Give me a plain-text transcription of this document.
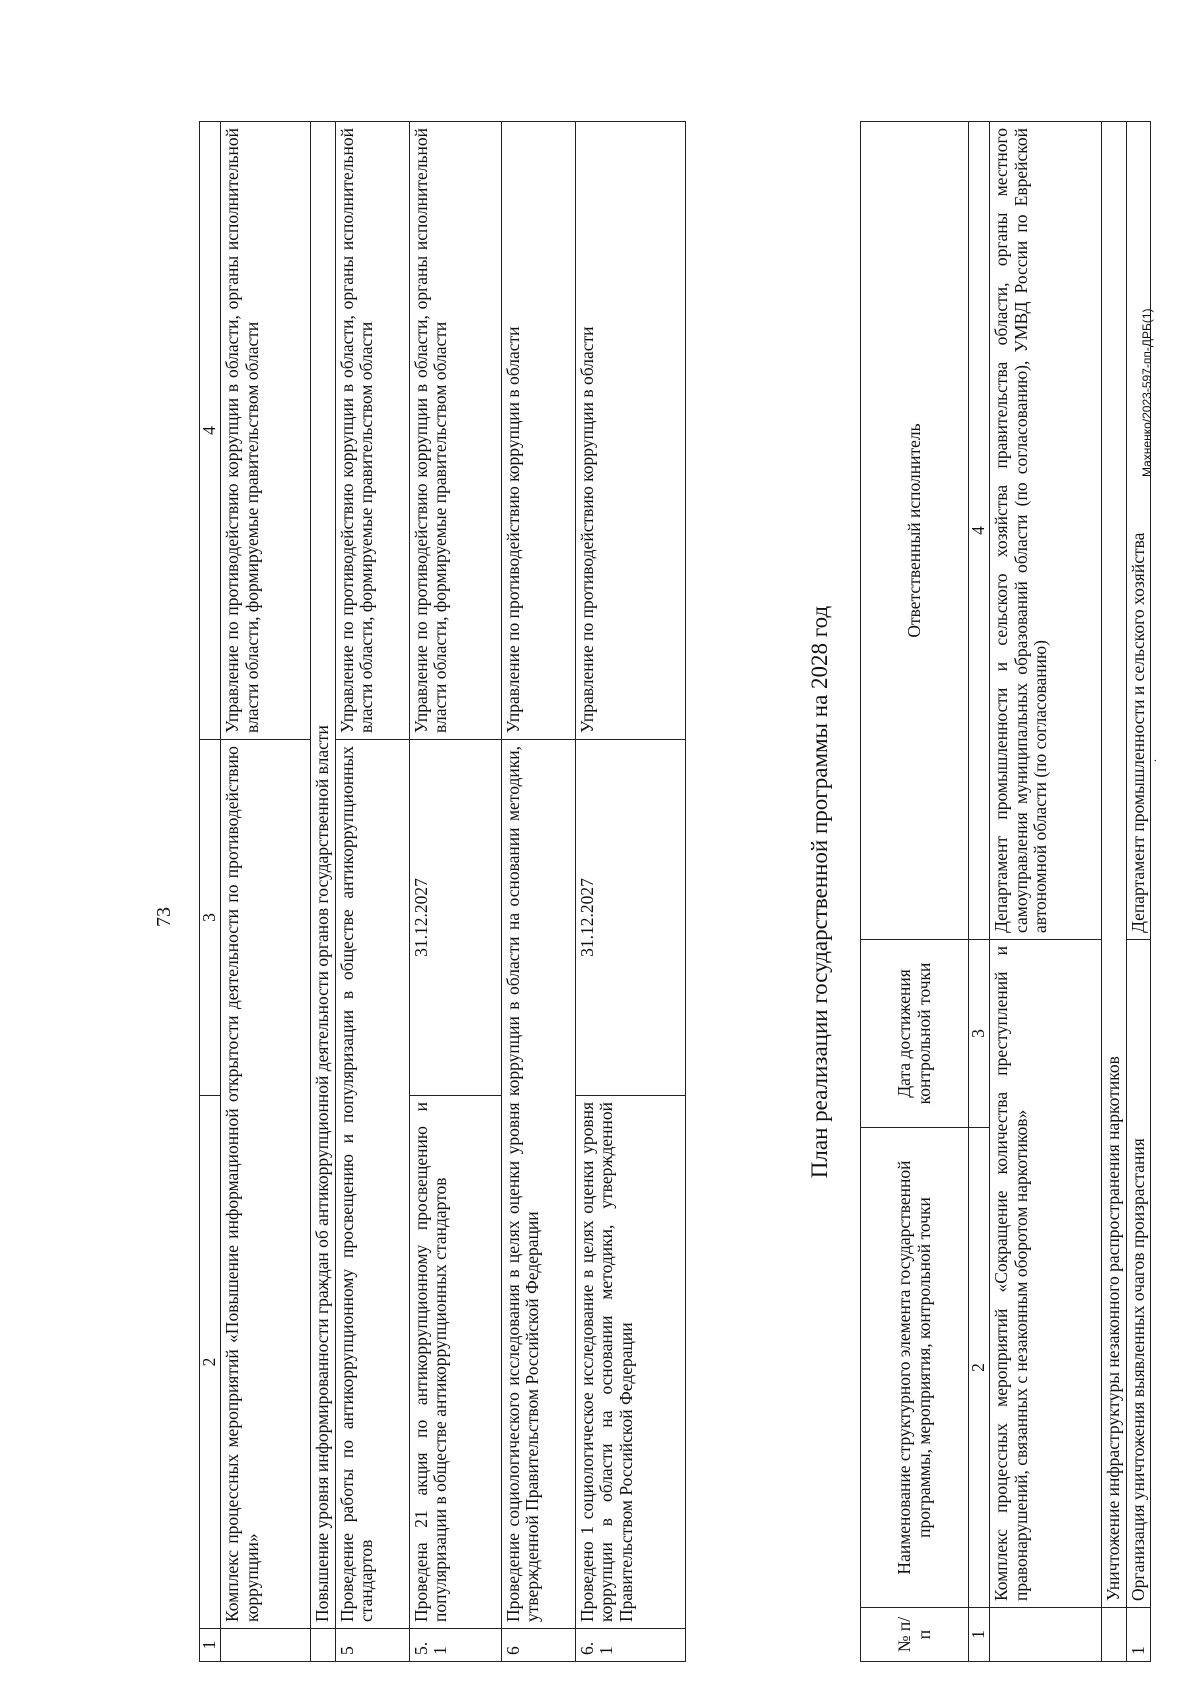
73
1	2	3	4
	Комплекс процессных мероприятий «Повышение информационной открытости деятельности по противодействию коррупции»		Управление по противодействию коррупции в области, органы исполнительной власти области, формируемые правительством области
	Повышение уровня информированности граждан об антикоррупционной деятельности органов государственной власти		
5	Проведение работы по антикоррупционному просвещению и популяризации в обществе антикоррупционных стандартов		Управление по противодействию коррупции в области, органы исполнительной власти области, формируемые правительством области
5.1	Проведена 21 акция по антикоррупционному просвещению и популяризации в обществе антикоррупционных стандартов	31.12.2027	Управление по противодействию коррупции в области, органы исполнительной власти области, формируемые правительством области
6	Проведение социологического исследования в целях оценки уровня коррупции в области на основании методики, утвержденной Правительством Российской Федерации		Управление по противодействию коррупции в области
6.1	Проведено 1 социологическое исследование в целях оценки уровня коррупции в области на основании методики, утвержденной Правительством Российской Федерации	31.12.2027	Управление по противодействию коррупции в области
План реализации государственной программы на 2028 год
№ п/п	Наименование структурного элемента государственной программы, мероприятия, контрольной точки	Дата достижения контрольной точки	Ответственный исполнитель
1	2	3	4
	Комплекс процессных мероприятий «Сокращение количества преступлений и правонарушений, связанных с незаконным оборотом наркотиков»		Департамент промышленности и сельского хозяйства правительства области, органы местного самоуправления муниципальных образований области (по согласованию), УМВД России по Еврейской автономной области (по согласованию)
	Уничтожение инфраструктуры незаконного распространения наркотиков		
1	Организация уничтожения выявленных очагов произрастания		Департамент промышленности и сельского хозяйства
.
Махненко/2023-597-пп-ДРБ(1)
